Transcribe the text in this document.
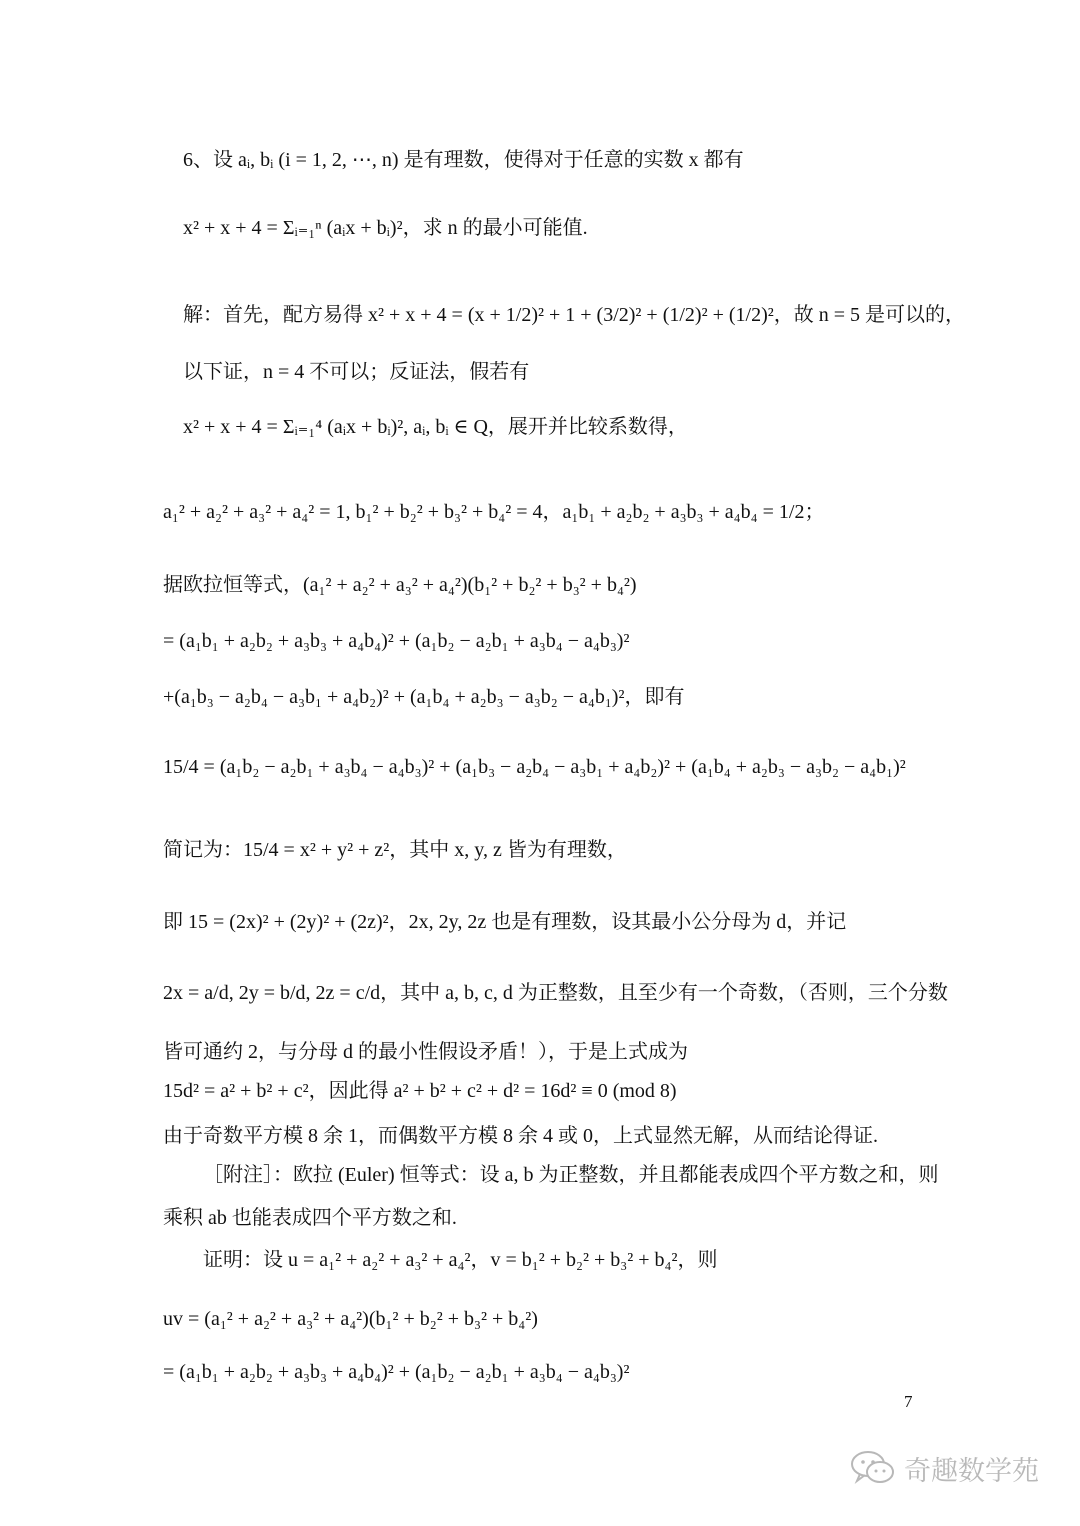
6、设 aᵢ, bᵢ (i = 1, 2, ⋯, n) 是有理数，使得对于任意的实数 x 都有
x² + x + 4 = Σᵢ₌₁ⁿ (aᵢx + bᵢ)²，求 n 的最小可能值.
解：首先，配方易得 x² + x + 4 = (x + 1/2)² + 1 + (3/2)² + (1/2)² + (1/2)²，故 n = 5 是可以的，
以下证，n = 4 不可以；反证法，假若有
x² + x + 4 = Σᵢ₌₁⁴ (aᵢx + bᵢ)², aᵢ, bᵢ ∈ Q，展开并比较系数得，
a₁² + a₂² + a₃² + a₄² = 1, b₁² + b₂² + b₃² + b₄² = 4，a₁b₁ + a₂b₂ + a₃b₃ + a₄b₄ = 1/2；
据欧拉恒等式，(a₁² + a₂² + a₃² + a₄²)(b₁² + b₂² + b₃² + b₄²)
= (a₁b₁ + a₂b₂ + a₃b₃ + a₄b₄)² + (a₁b₂ − a₂b₁ + a₃b₄ − a₄b₃)²
+(a₁b₃ − a₂b₄ − a₃b₁ + a₄b₂)² + (a₁b₄ + a₂b₃ − a₃b₂ − a₄b₁)²，即有
15/4 = (a₁b₂ − a₂b₁ + a₃b₄ − a₄b₃)² + (a₁b₃ − a₂b₄ − a₃b₁ + a₄b₂)² + (a₁b₄ + a₂b₃ − a₃b₂ − a₄b₁)²
简记为：15/4 = x² + y² + z²，其中 x, y, z 皆为有理数，
即 15 = (2x)² + (2y)² + (2z)²，2x, 2y, 2z 也是有理数，设其最小公分母为 d，并记
2x = a/d, 2y = b/d, 2z = c/d，其中 a, b, c, d 为正整数，且至少有一个奇数，（否则，三个分数
皆可通约 2，与分母 d 的最小性假设矛盾！），于是上式成为
15d² = a² + b² + c²，因此得 a² + b² + c² + d² = 16d² ≡ 0 (mod 8)
由于奇数平方模 8 余 1，而偶数平方模 8 余 4 或 0，上式显然无解，从而结论得证.
［附注］：欧拉 (Euler) 恒等式：设 a, b 为正整数，并且都能表成四个平方数之和，则
乘积 ab 也能表成四个平方数之和.
证明：设 u = a₁² + a₂² + a₃² + a₄²，v = b₁² + b₂² + b₃² + b₄²，则
uv = (a₁² + a₂² + a₃² + a₄²)(b₁² + b₂² + b₃² + b₄²)
= (a₁b₁ + a₂b₂ + a₃b₃ + a₄b₄)² + (a₁b₂ − a₂b₁ + a₃b₄ − a₄b₃)²
7
奇趣数学苑
